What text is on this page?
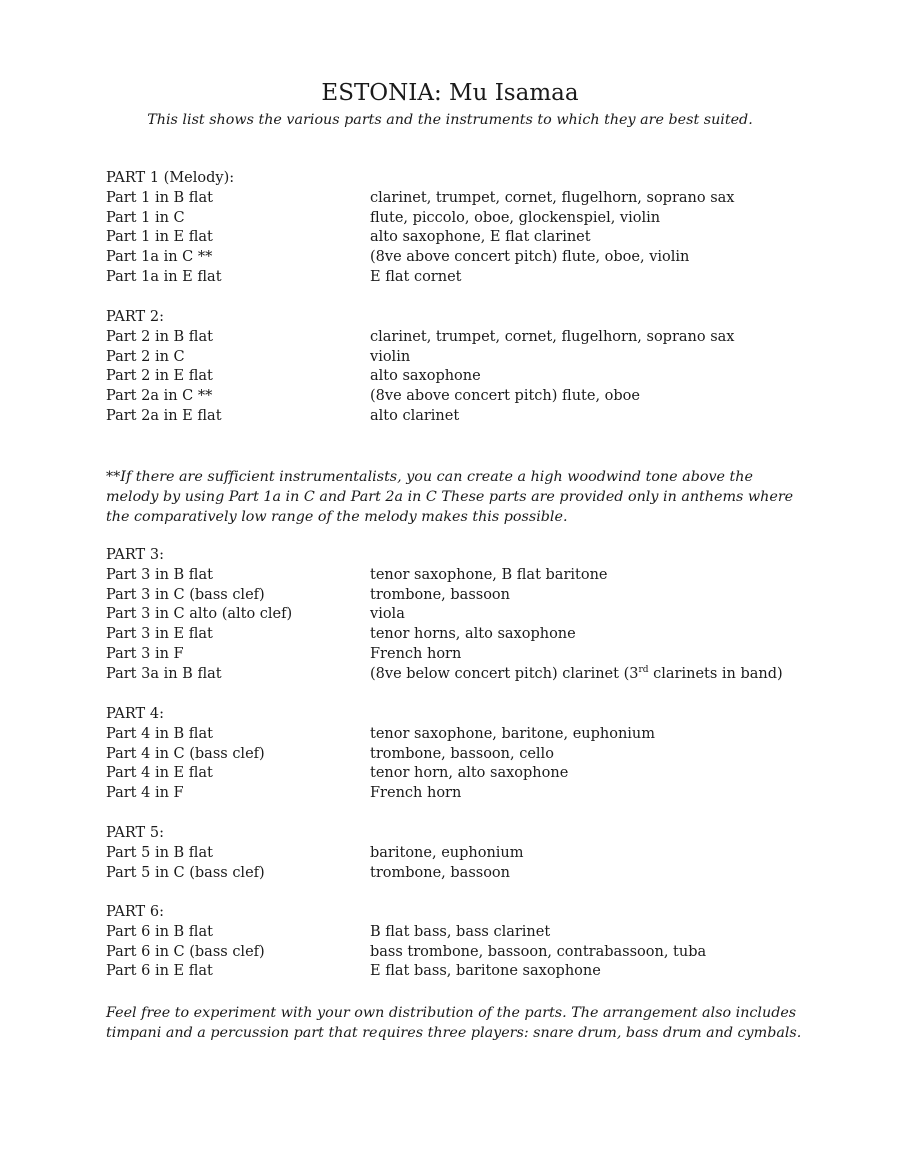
ESTONIA: Mu Isamaa
This list shows the various parts and the instruments to which they are best suited.
PART 1 (Melody):
Part 1 in B flat	clarinet, trumpet, cornet, flugelhorn, soprano sax
Part 1 in C	flute, piccolo, oboe, glockenspiel, violin
Part 1 in E flat	alto saxophone, E flat clarinet
Part 1a in C **	(8ve above concert pitch) flute, oboe, violin
Part 1a in E flat	E flat cornet
PART 2:
Part 2 in B flat	clarinet, trumpet, cornet, flugelhorn, soprano sax
Part 2 in C	violin
Part 2 in E flat	alto saxophone
Part 2a in C **	(8ve above concert pitch) flute, oboe
Part 2a in E flat	alto clarinet
**If there are sufficient instrumentalists, you can create a high woodwind tone above the melody by using Part 1a in C and Part 2a in C These parts are provided only in anthems where the comparatively low range of the melody makes this possible.
PART 3:
Part 3 in B flat	tenor saxophone, B flat baritone
Part 3 in C (bass clef)	trombone, bassoon
Part 3 in C alto (alto clef)	viola
Part 3 in E flat	tenor horns, alto saxophone
Part 3 in F	French horn
Part 3a in B flat	(8ve below concert pitch) clarinet (3rd clarinets in band)
PART 4:
Part 4 in B flat	tenor saxophone, baritone, euphonium
Part 4 in C (bass clef)	trombone, bassoon, cello
Part 4 in E flat	tenor horn, alto saxophone
Part 4 in F	French horn
PART 5:
Part 5 in B flat	baritone, euphonium
Part 5 in C (bass clef)	trombone, bassoon
PART 6:
Part 6 in B flat	B flat bass, bass clarinet
Part 6 in C (bass clef)	bass trombone, bassoon, contrabassoon, tuba
Part 6 in E flat	E flat bass, baritone saxophone
Feel free to experiment with your own distribution of the parts. The arrangement also includes timpani and a percussion part that requires three players: snare drum, bass drum and cymbals.
